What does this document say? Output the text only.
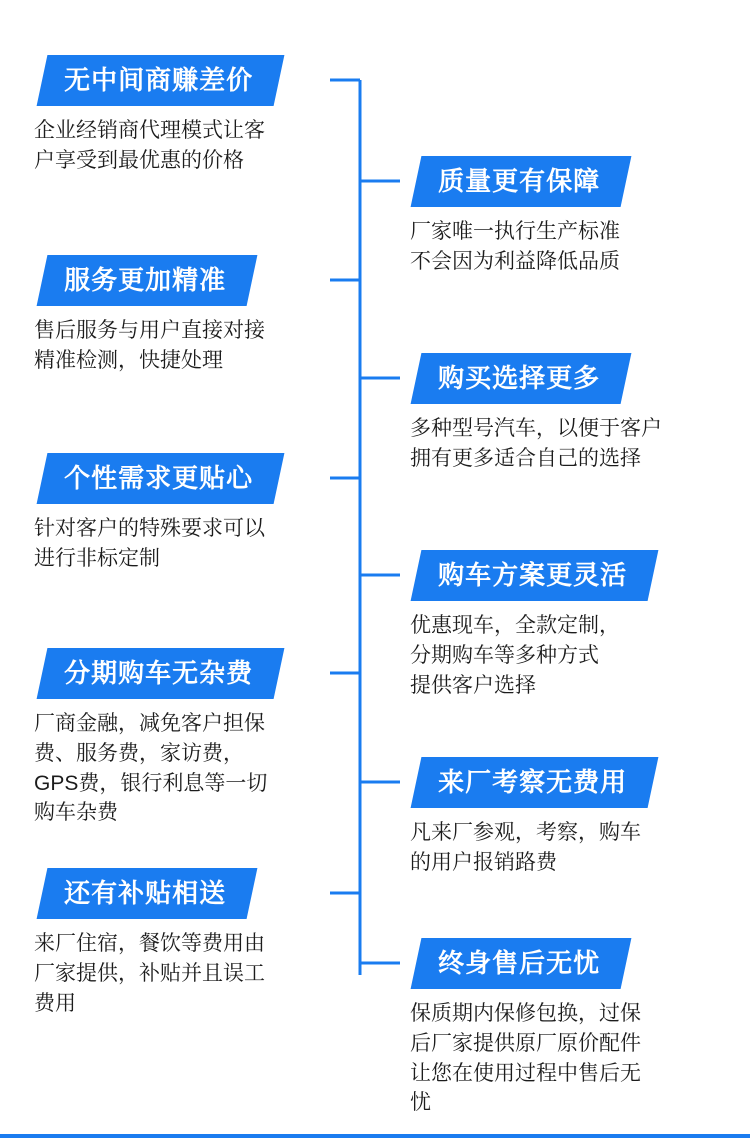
无中间商赚差价
企业经销商代理模式让客
户享受到最优惠的价格
服务更加精准
售后服务与用户直接对接
精准检测，快捷处理
个性需求更贴心
针对客户的特殊要求可以
进行非标定制
分期购车无杂费
厂商金融，减免客户担保
费、服务费，家访费，
GPS费，银行利息等一切
购车杂费
还有补贴相送
来厂住宿，餐饮等费用由
厂家提供，补贴并且误工
费用
质量更有保障
厂家唯一执行生产标准
不会因为利益降低品质
购买选择更多
多种型号汽车，以便于客户
拥有更多适合自己的选择
购车方案更灵活
优惠现车，全款定制，
分期购车等多种方式
提供客户选择
来厂考察无费用
凡来厂参观，考察，购车
的用户报销路费
终身售后无忧
保质期内保修包换，过保
后厂家提供原厂原价配件
让您在使用过程中售后无
忧
